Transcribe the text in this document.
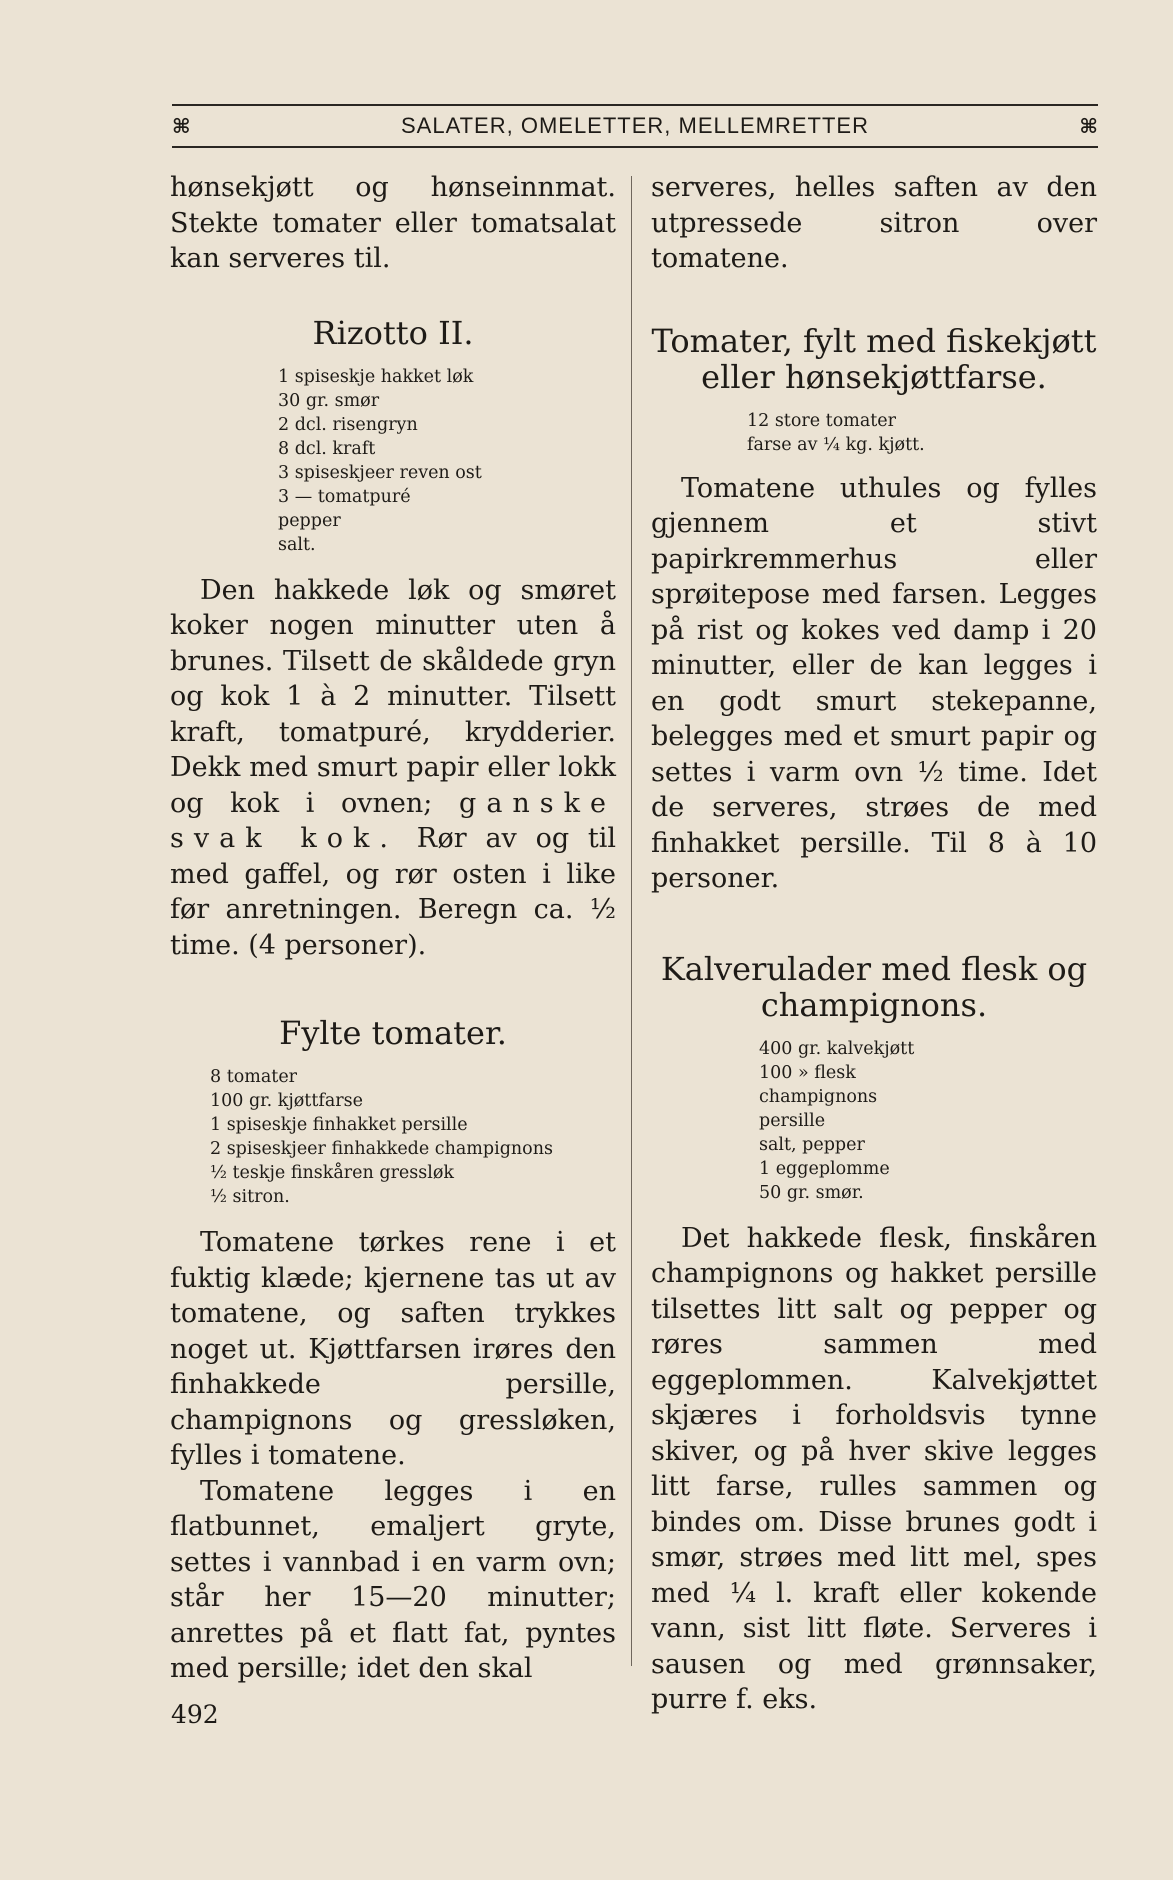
⌘	SALATER, OMELETTER, MELLEMRETTER	⌘

hønsekjøtt og hønseinnmat. Stekte tomater eller tomatsalat kan serveres til.

Rizotto II.
1 spiseskje hakket løk
30 gr. smør
2 dcl. risengryn
8 dcl. kraft
3 spiseskjeer reven ost
3 — tomatpuré
pepper
salt.

Den hakkede løk og smøret koker nogen minutter uten å brunes. Tilsett de skåldede gryn og kok 1 à 2 minutter. Tilsett kraft, tomatpuré, krydderier. Dekk med smurt papir eller lokk og kok i ovnen; ganske svak kok. Rør av og til med gaffel, og rør osten i like før anretningen. Beregn ca. ½ time. (4 personer).

Fylte tomater.
8 tomater
100 gr. kjøttfarse
1 spiseskje finhakket persille
2 spiseskjeer finhakkede champignons
½ teskje finskåren gressløk
½ sitron.

Tomatene tørkes rene i et fuktig klæde; kjernene tas ut av tomatene, og saften trykkes noget ut. Kjøttfarsen irøres den finhakkede persille, champignons og gressløken, fylles i tomatene.

Tomatene legges i en flatbunnet, emaljert gryte, settes i vannbad i en varm ovn; står her 15—20 minutter; anrettes på et flatt fat, pyntes med persille; idet den skal

serveres, helles saften av den utpressede sitron over tomatene.

Tomater, fylt med fiskekjøtt eller hønsekjøttfarse.
12 store tomater
farse av ¼ kg. kjøtt.

Tomatene uthules og fylles gjennem et stivt papirkremmerhus eller sprøitepose med farsen. Legges på rist og kokes ved damp i 20 minutter, eller de kan legges i en godt smurt stekepanne, belegges med et smurt papir og settes i varm ovn ½ time. Idet de serveres, strøes de med finhakket persille. Til 8 à 10 personer.

Kalverulader med flesk og champignons.
400 gr. kalvekjøtt
100 » flesk
champignons
persille
salt, pepper
1 eggeplomme
50 gr. smør.

Det hakkede flesk, finskåren champignons og hakket persille tilsettes litt salt og pepper og røres sammen med eggeplommen. Kalvekjøttet skjæres i forholdsvis tynne skiver, og på hver skive legges litt farse, rulles sammen og bindes om. Disse brunes godt i smør, strøes med litt mel, spes med ¼ l. kraft eller kokende vann, sist litt fløte. Serveres i sausen og med grønnsaker, purre f. eks.

492
